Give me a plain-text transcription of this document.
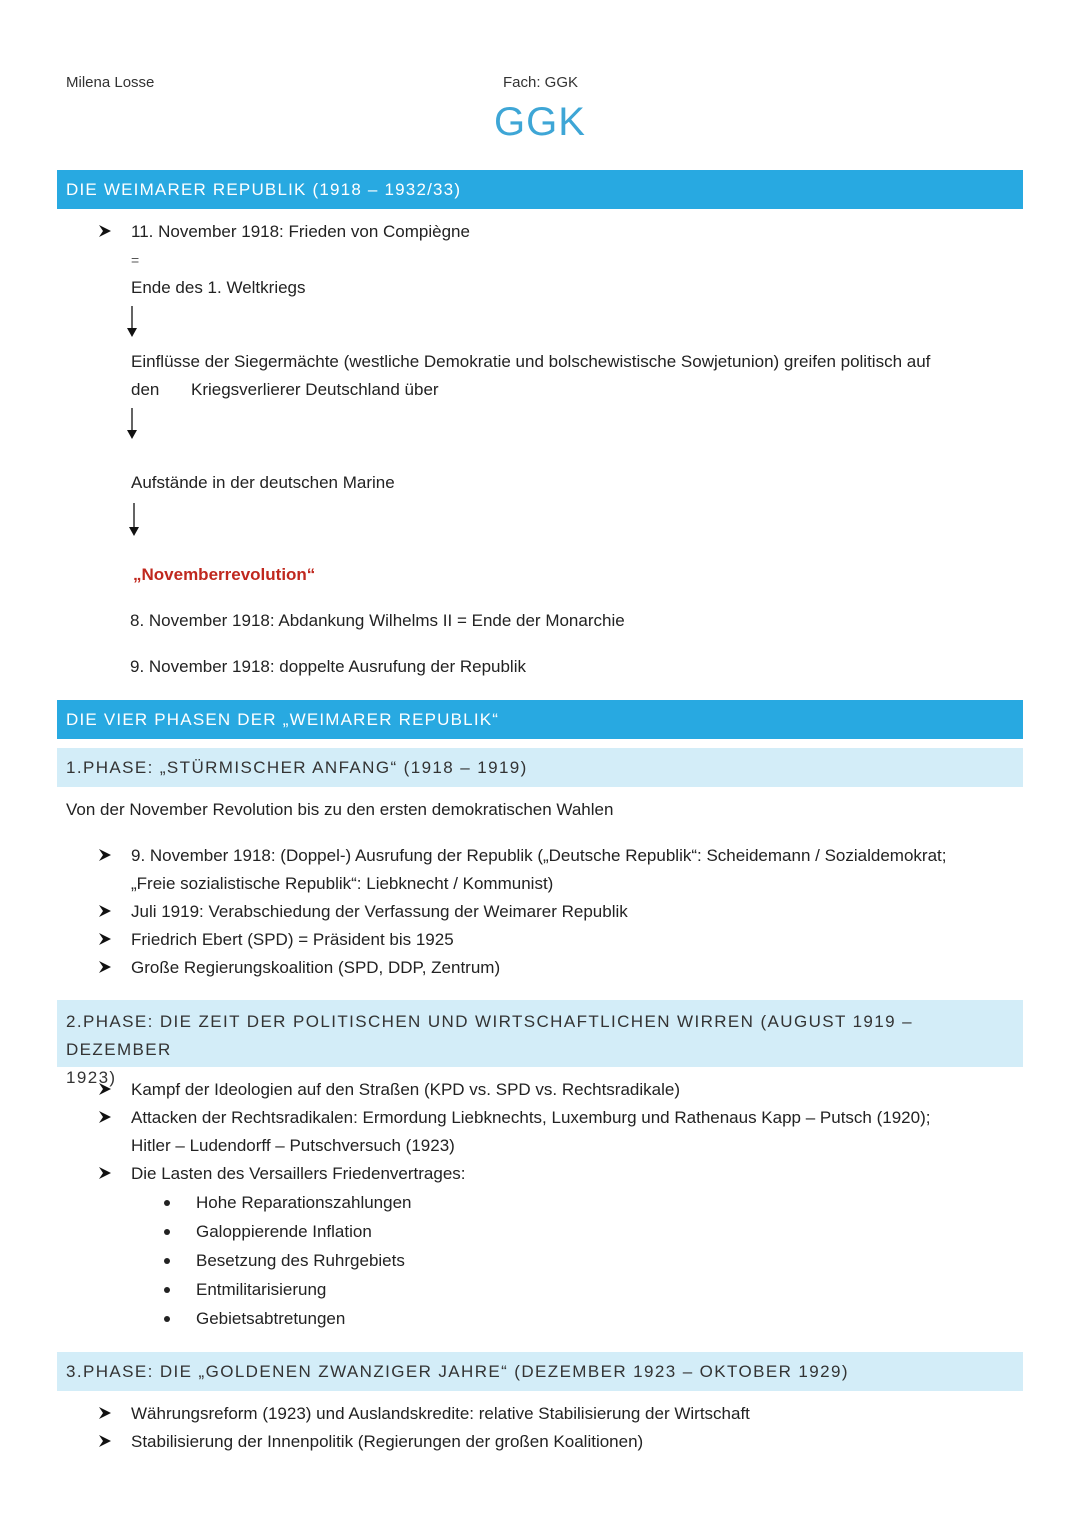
Milena Losse	Fach: GGK
GGK
DIE WEIMARER REPUBLIK (1918 – 1932/33)
11. November 1918: Frieden von Compiègne
=
Ende des 1. Weltkriegs
Einflüsse der Siegermächte (westliche Demokratie und bolschewistische Sowjetunion) greifen politisch auf
den Kriegsverlierer Deutschland über
Aufstände in der deutschen Marine
„Novemberrevolution“
8. November 1918: Abdankung Wilhelms II = Ende der Monarchie
9. November 1918: doppelte Ausrufung der Republik
DIE VIER PHASEN DER „WEIMARER REPUBLIK“
1.PHASE: „STÜRMISCHER ANFANG“ (1918 – 1919)
Von der November Revolution bis zu den ersten demokratischen Wahlen
9. November 1918: (Doppel-) Ausrufung der Republik („Deutsche Republik“: Scheidemann / Sozialdemokrat;
„Freie sozialistische Republik“: Liebknecht / Kommunist)
Juli 1919: Verabschiedung der Verfassung der Weimarer Republik
Friedrich Ebert (SPD) = Präsident bis 1925
Große Regierungskoalition (SPD, DDP, Zentrum)
2.PHASE: DIE ZEIT DER POLITISCHEN UND WIRTSCHAFTLICHEN WIRREN (AUGUST 1919 – DEZEMBER
1923)
Kampf der Ideologien auf den Straßen (KPD vs. SPD vs. Rechtsradikale)
Attacken der Rechtsradikalen: Ermordung Liebknechts, Luxemburg und Rathenaus Kapp – Putsch (1920);
Hitler – Ludendorff – Putschversuch (1923)
Die Lasten des Versaillers Friedenvertrages:
Hohe Reparationszahlungen
Galoppierende Inflation
Besetzung des Ruhrgebiets
Entmilitarisierung
Gebietsabtretungen
3.PHASE: DIE „GOLDENEN ZWANZIGER JAHRE“ (DEZEMBER 1923 – OKTOBER 1929)
Währungsreform (1923) und Auslandskredite: relative Stabilisierung der Wirtschaft
Stabilisierung der Innenpolitik (Regierungen der großen Koalitionen)
